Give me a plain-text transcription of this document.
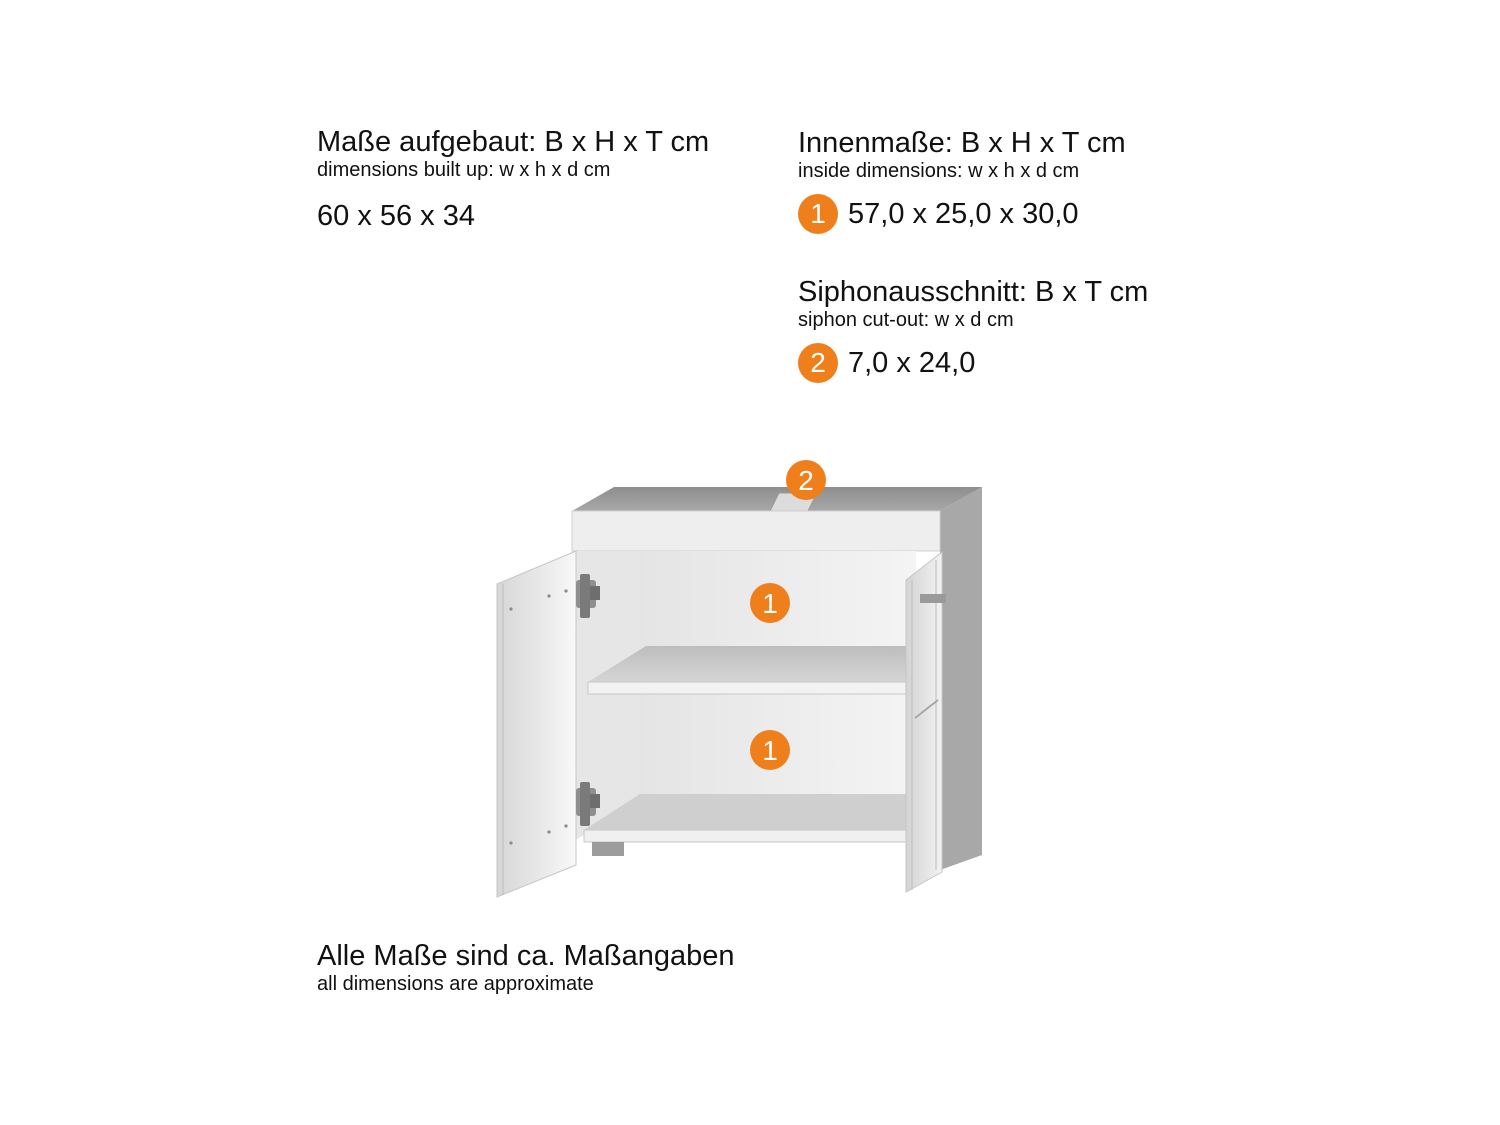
Maße aufgebaut: B x H x T cm
dimensions built up: w x h x d cm
60 x 56 x 34
Innenmaße: B x H x T cm
inside dimensions: w x h x d cm
1 57,0 x 25,0 x 30,0
Siphonausschnitt: B x T cm
siphon cut-out: w x d cm
2 7,0 x 24,0
2
1
1
Alle Maße sind ca. Maßangaben
all dimensions are approximate
